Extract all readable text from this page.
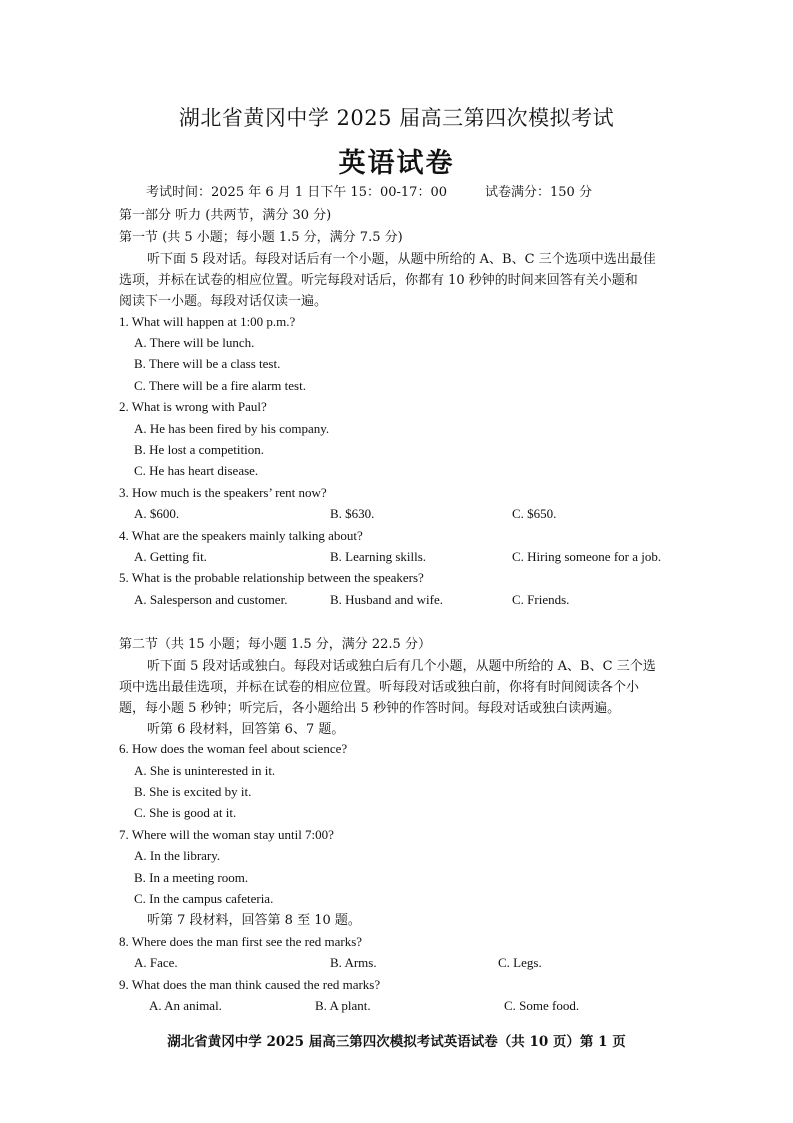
湖北省黄冈中学 2025 届高三第四次模拟考试
英语试卷
考试时间：2025 年 6 月 1 日下午 15：00-17：00	试卷满分：150 分
第一部分 听力 (共两节，满分 30 分)
第一节 (共 5 小题；每小题 1.5 分，满分 7.5 分)
听下面 5 段对话。每段对话后有一个小题，从题中所给的 A、B、C 三个选项中选出最佳
选项，并标在试卷的相应位置。听完每段对话后，你都有 10 秒钟的时间来回答有关小题和
阅读下一小题。每段对话仅读一遍。
1. What will happen at 1:00 p.m.?
A. There will be lunch.
B. There will be a class test.
C. There will be a fire alarm test.
2. What is wrong with Paul?
A. He has been fired by his company.
B. He lost a competition.
C. He has heart disease.
3. How much is the speakers’ rent now?
A. $600.	B. $630.	C. $650.
4. What are the speakers mainly talking about?
A. Getting fit.	B. Learning skills.	C. Hiring someone for a job.
5. What is the probable relationship between the speakers?
A. Salesperson and customer.	B. Husband and wife.	C. Friends.
第二节（共 15 小题；每小题 1.5 分，满分 22.5 分）
听下面 5 段对话或独白。每段对话或独白后有几个小题，从题中所给的 A、B、C 三个选
项中选出最佳选项，并标在试卷的相应位置。听每段对话或独白前，你将有时间阅读各个小
题，每小题 5 秒钟；听完后，各小题给出 5 秒钟的作答时间。每段对话或独白读两遍。
听第 6 段材料，回答第 6、7 题。
6. How does the woman feel about science?
A. She is uninterested in it.
B. She is excited by it.
C. She is good at it.
7. Where will the woman stay until 7:00?
A. In the library.
B. In a meeting room.
C. In the campus cafeteria.
听第 7 段材料，回答第 8 至 10 题。
8. Where does the man first see the red marks?
A. Face.	B. Arms.	C. Legs.
9. What does the man think caused the red marks?
A. An animal.	B. A plant.	C. Some food.
湖北省黄冈中学 2025 届高三第四次模拟考试英语试卷（共 10 页）第 1 页
